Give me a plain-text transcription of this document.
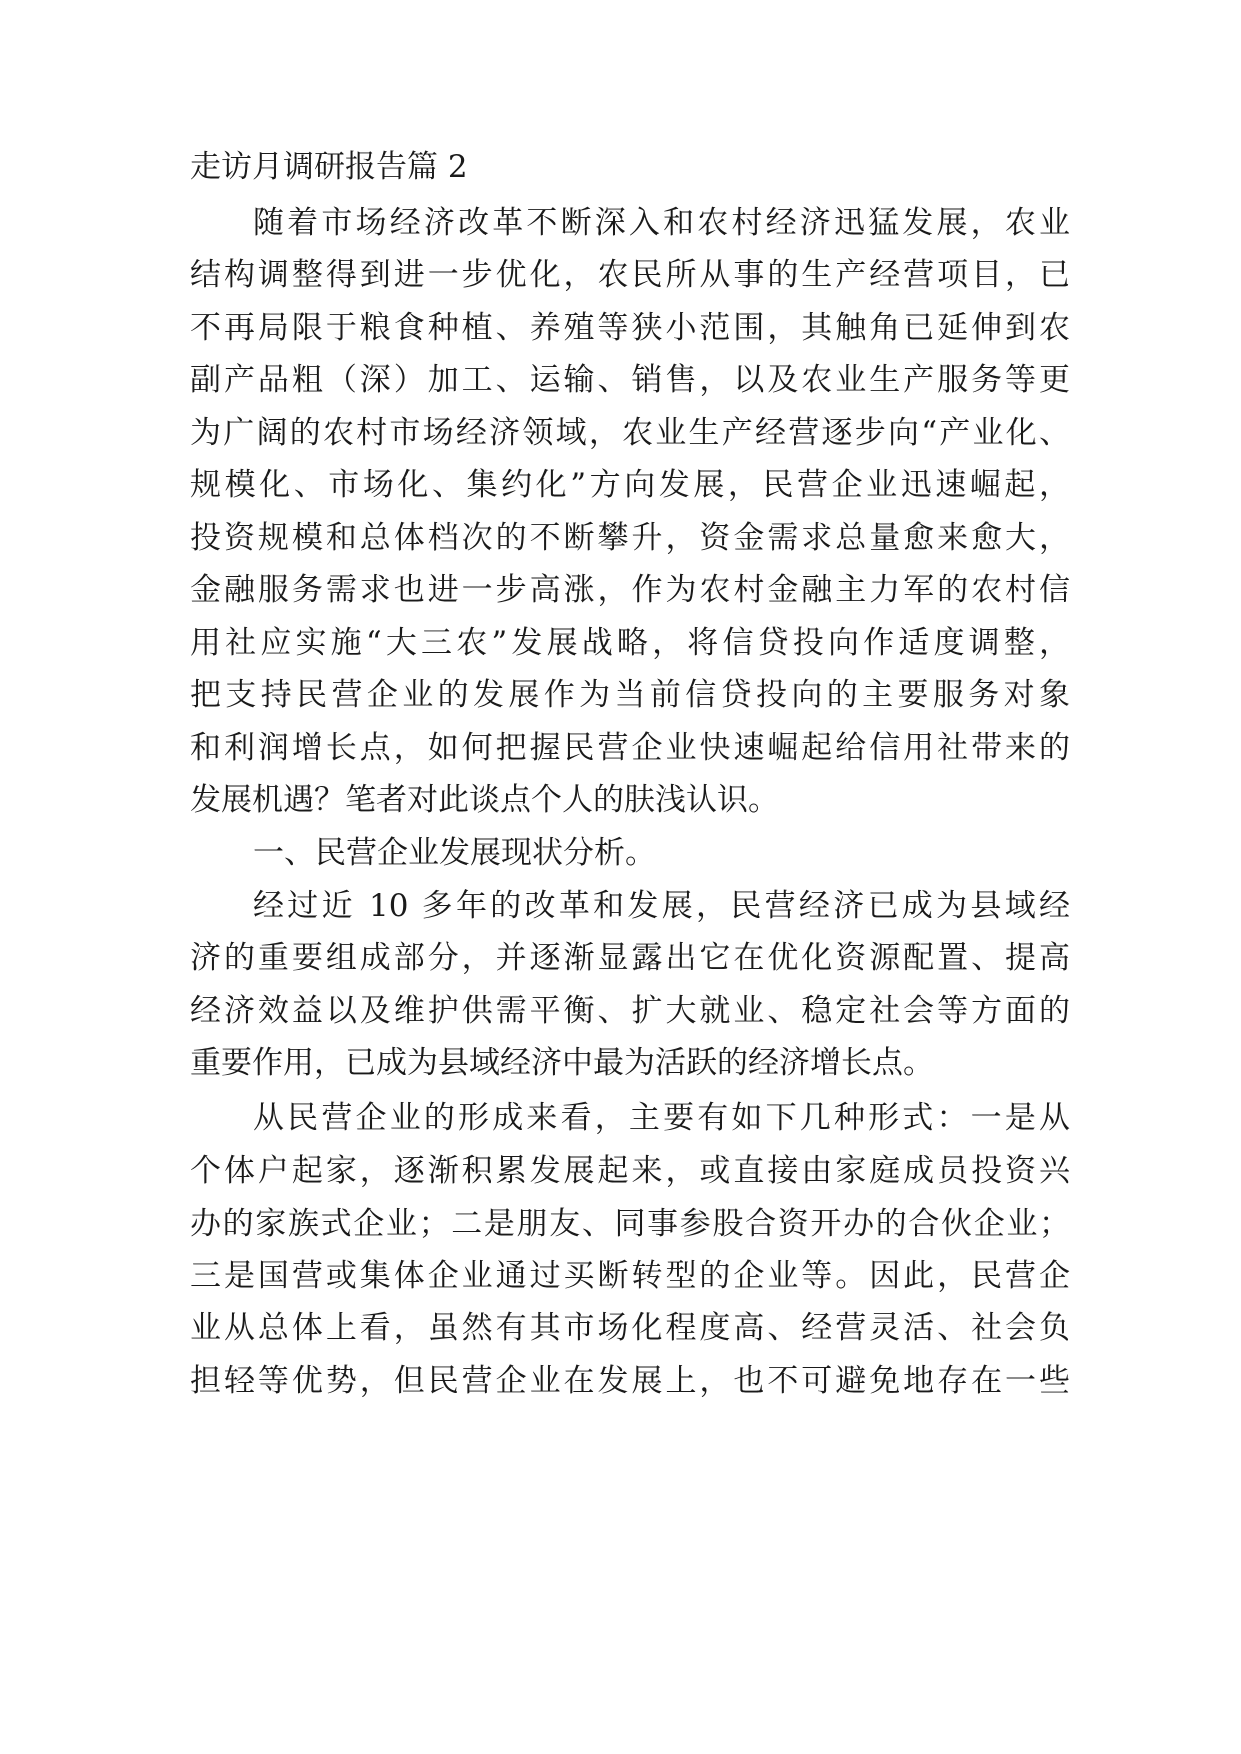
走访月调研报告篇 2
随着市场经济改革不断深入和农村经济迅猛发展，农业
结构调整得到进一步优化，农民所从事的生产经营项目，已
不再局限于粮食种植、养殖等狭小范围，其触角已延伸到农
副产品粗（深）加工、运输、销售，以及农业生产服务等更
为广阔的农村市场经济领域，农业生产经营逐步向“产业化、
规模化、市场化、集约化”方向发展，民营企业迅速崛起，
投资规模和总体档次的不断攀升，资金需求总量愈来愈大，
金融服务需求也进一步高涨，作为农村金融主力军的农村信
用社应实施“大三农”发展战略，将信贷投向作适度调整，
把支持民营企业的发展作为当前信贷投向的主要服务对象
和利润增长点，如何把握民营企业快速崛起给信用社带来的
发展机遇？笔者对此谈点个人的肤浅认识。
一、民营企业发展现状分析。
经过近 10 多年的改革和发展，民营经济已成为县域经
济的重要组成部分，并逐渐显露出它在优化资源配置、提高
经济效益以及维护供需平衡、扩大就业、稳定社会等方面的
重要作用，已成为县域经济中最为活跃的经济增长点。
从民营企业的形成来看，主要有如下几种形式：一是从
个体户起家，逐渐积累发展起来，或直接由家庭成员投资兴
办的家族式企业；二是朋友、同事参股合资开办的合伙企业；
三是国营或集体企业通过买断转型的企业等。因此，民营企
业从总体上看，虽然有其市场化程度高、经营灵活、社会负
担轻等优势，但民营企业在发展上，也不可避免地存在一些
